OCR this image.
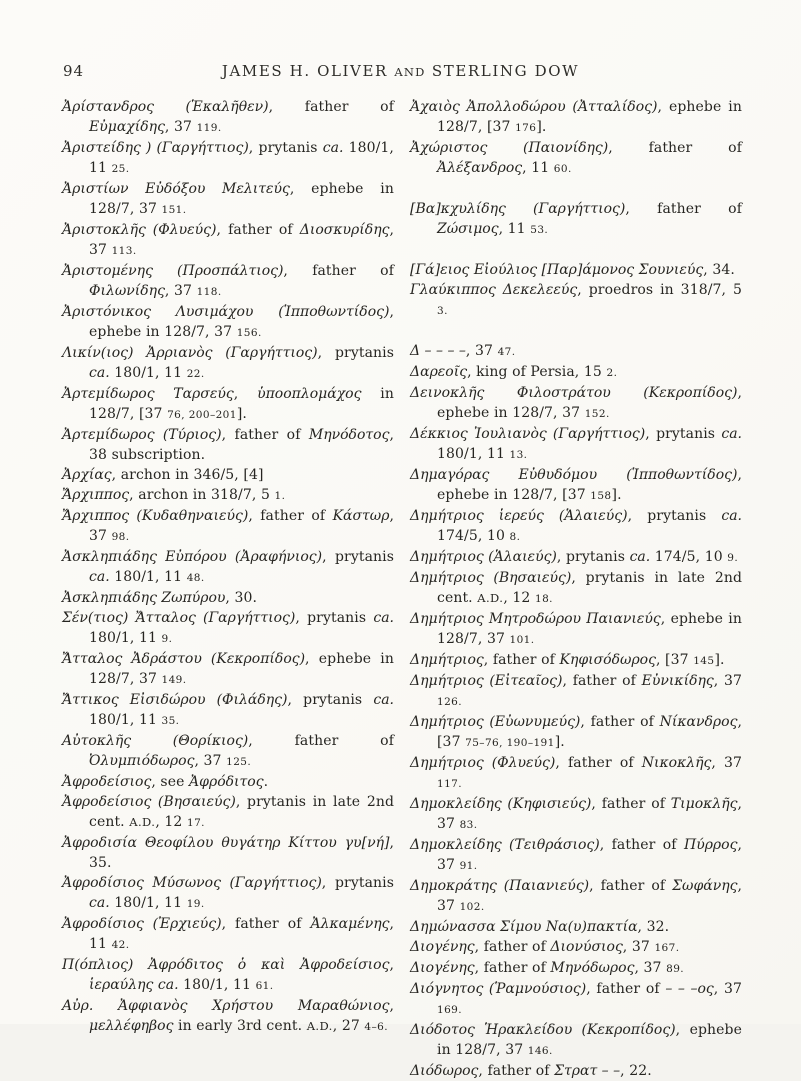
94	JAMES H. OLIVER AND STERLING DOW

Ἀρίστανδρος (Ἑκαλῆθεν), father of Εὐμαχίδης, 37 119.

Ἀριστείδης ) (Γαργήττιος), prytanis ca. 180/1, 11 25.

Ἀριστίων Εὐδόξου Μελιτεύς, ephebe in 128/7, 37 151.

Ἀριστοκλῆς (Φλυεύς), father of Διοσκυρίδης, 37 113.

Ἀριστομένης (Προσπάλτιος), father of Φιλωνίδης, 37 118.

Ἀριστόνικος Λυσιμάχου (Ἱπποθωντίδος), ephebe in 128/7, 37 156.

Λικίν(ιος) Ἀρριανὸς (Γαργήττιος), prytanis ca. 180/1, 11 22.

Ἀρτεμίδωρος Ταρσεύς, ὑποοπλομάχος in 128/7, [37 76, 200–201].

Ἀρτεμίδωρος (Τύριος), father of Μηνόδοτος, 38 subscription.

Ἀρχίας, archon in 346/5, [4]

Ἄρχιππος, archon in 318/7, 5 1.

Ἄρχιππος (Κυδαθηναιεύς), father of Κάστωρ, 37 98.

Ἀσκληπιάδης Εὐπόρου (Ἀραφήνιος), prytanis ca. 180/1, 11 48.

Ἀσκληπιάδης Ζωπύρου, 30.

Σέν(τιος) Ἄτταλος (Γαργήττιος), prytanis ca. 180/1, 11 9.

Ἄτταλος Ἀδράστου (Κεκροπίδος), ephebe in 128/7, 37 149.

Ἄττικος Εἰσιδώρου (Φιλάδης), prytanis ca. 180/1, 11 35.

Αὐτοκλῆς (Θορίκιος), father of Ὀλυμπιόδωρος, 37 125.

Ἀφροδείσιος, see Ἀφρόδιτος.

Ἀφροδείσιος (Βησαιεύς), prytanis in late 2nd cent. A.D., 12 17.

Ἀφροδισία Θεοφίλου θυγάτηρ Κίττου γυ[νή], 35.

Ἀφροδίσιος Μύσωνος (Γαργήττιος), prytanis ca. 180/1, 11 19.

Ἀφροδίσιος (Ἐρχιεύς), father of Ἀλκαμένης, 11 42.

Π(όπλιος) Ἀφρόδιτος ὁ καὶ Ἀφροδείσιος, ἱεραύλης ca. 180/1, 11 61.

Αὐρ. Ἀφφιανὸς Χρήστου Μαραθώνιος, μελλέφηβος in early 3rd cent. A.D., 27 4–6.

Ἀχαιὸς Ἀπολλοδώρου (Ἀτταλίδος), ephebe in 128/7, [37 176].

Ἀχώριστος (Παιονίδης), father of Ἀλέξανδρος, 11 60.

[Βα]κχυλίδης (Γαργήττιος), father of Ζώσιμος, 11 53.

[Γά]ειος Εἰούλιος [Παρ]άμονος Σουνιεύς, 34.

Γλαύκιππος Δεκελεεύς, proedros in 318/7, 5 3.

Δ – – – –, 37 47.

Δαρεοῖς, king of Persia, 15 2.

Δεινοκλῆς Φιλοστράτου (Κεκροπίδος), ephebe in 128/7, 37 152.

Δέκκιος Ἰουλιανὸς (Γαργήττιος), prytanis ca. 180/1, 11 13.

Δημαγόρας Εὐθυδόμου (Ἱπποθωντίδος), ephebe in 128/7, [37 158].

Δημήτριος ἱερεύς (Ἁλαιεύς), prytanis ca. 174/5, 10 8.

Δημήτριος (Ἁλαιεύς), prytanis ca. 174/5, 10 9.

Δημήτριος (Βησαιεύς), prytanis in late 2nd cent. A.D., 12 18.

Δημήτριος Μητροδώρου Παιανιεύς, ephebe in 128/7, 37 101.

Δημήτριος, father of Κηφισόδωρος, [37 145].

Δημήτριος (Εἰτεαῖος), father of Εὐνικίδης, 37 126.

Δημήτριος (Εὐωνυμεύς), father of Νίκανδρος, [37 75–76, 190–191].

Δημήτριος (Φλυεύς), father of Νικοκλῆς, 37 117.

Δημοκλείδης (Κηφισιεύς), father of Τιμοκλῆς, 37 83.

Δημοκλείδης (Τειθράσιος), father of Πύρρος, 37 91.

Δημοκράτης (Παιανιεύς), father of Σωφάνης, 37 102.

Δημώνασσα Σίμου Να(υ)πακτία, 32.

Διογένης, father of Διονύσιος, 37 167.

Διογένης, father of Μηνόδωρος, 37 89.

Διόγνητος (Ῥαμνούσιος), father of – – –ος, 37 169.

Διόδοτος Ἡρακλείδου (Κεκροπίδος), ephebe in 128/7, 37 146.

Διόδωρος, father of Στρατ – –, 22.
